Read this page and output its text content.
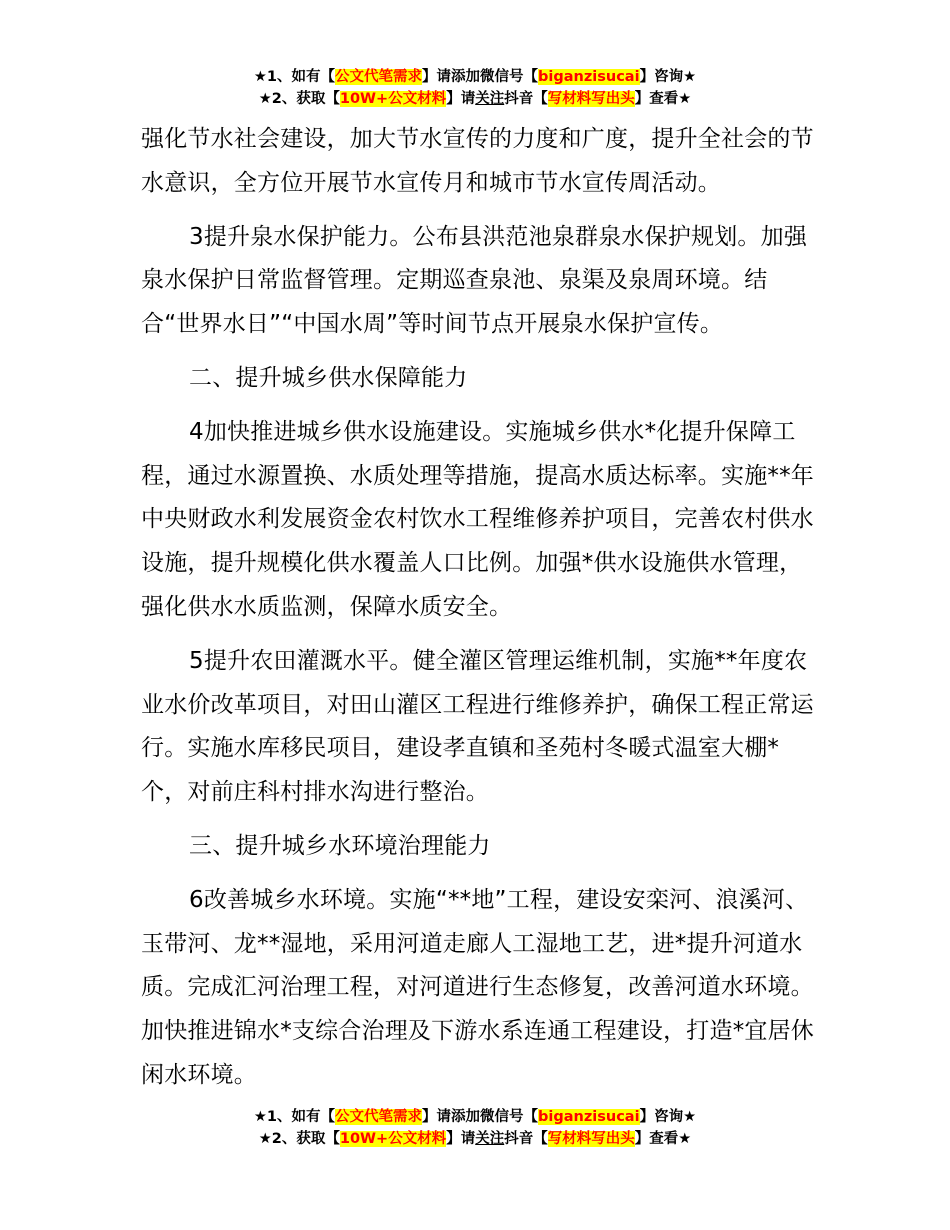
★1、如有【公文代笔需求】请添加微信号【biganzisucai】咨询★
★2、获取【10W+公文材料】请关注抖音【写材料写出头】查看★

强化节水社会建设，加大节水宣传的力度和广度，提升全社会的节水意识，全方位开展节水宣传月和城市节水宣传周活动。

3提升泉水保护能力。公布县洪范池泉群泉水保护规划。加强泉水保护日常监督管理。定期巡查泉池、泉渠及泉周环境。结合“世界水日”“中国水周”等时间节点开展泉水保护宣传。

二、提升城乡供水保障能力

4加快推进城乡供水设施建设。实施城乡供水*化提升保障工程，通过水源置换、水质处理等措施，提高水质达标率。实施**年中央财政水利发展资金农村饮水工程维修养护项目，完善农村供水设施，提升规模化供水覆盖人口比例。加强*供水设施供水管理，强化供水水质监测，保障水质安全。

5提升农田灌溉水平。健全灌区管理运维机制，实施**年度农业水价改革项目，对田山灌区工程进行维修养护，确保工程正常运行。实施水库移民项目，建设孝直镇和圣苑村冬暖式温室大棚*个，对前庄科村排水沟进行整治。

三、提升城乡水环境治理能力

6改善城乡水环境。实施“**地”工程，建设安栾河、浪溪河、玉带河、龙**湿地，采用河道走廊人工湿地工艺，进*提升河道水质。完成汇河治理工程，对河道进行生态修复，改善河道水环境。加快推进锦水*支综合治理及下游水系连通工程建设，打造*宜居休闲水环境。

★1、如有【公文代笔需求】请添加微信号【biganzisucai】咨询★
★2、获取【10W+公文材料】请关注抖音【写材料写出头】查看★
